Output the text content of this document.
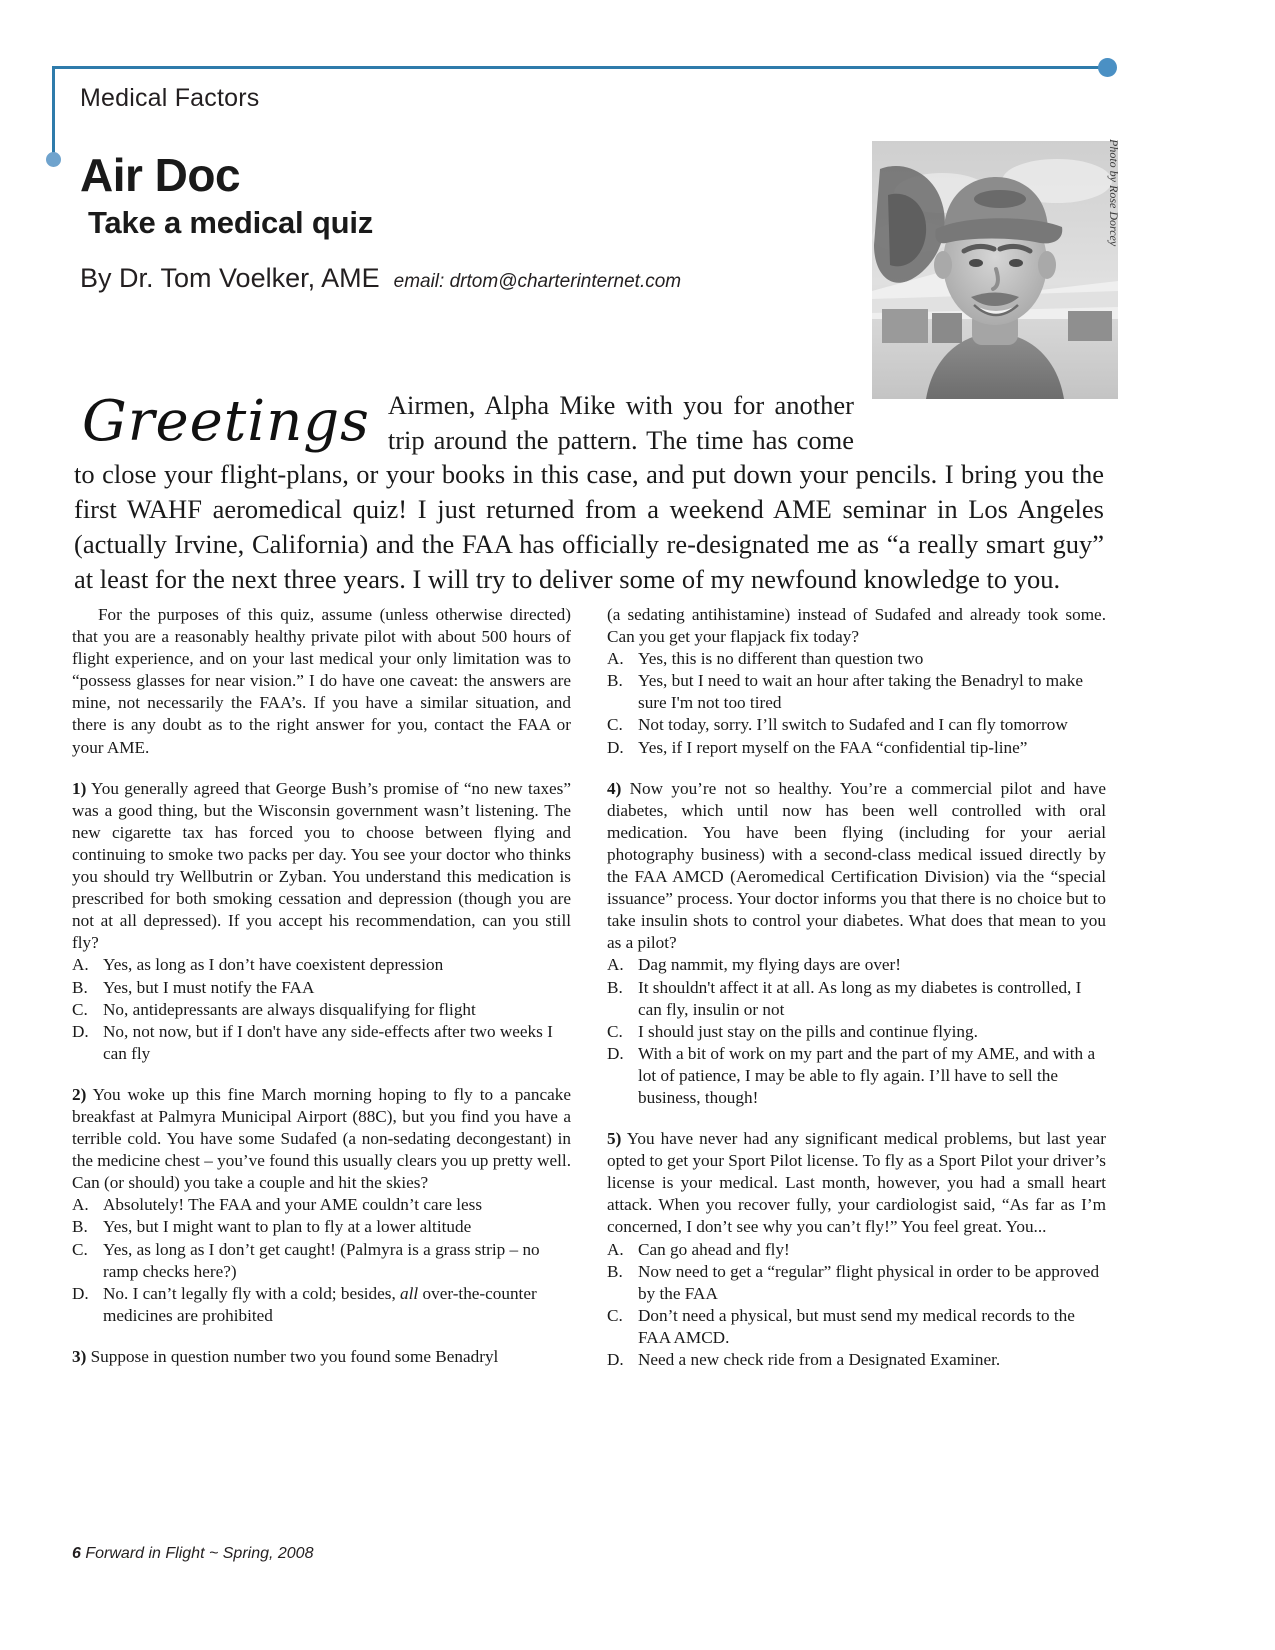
Medical Factors
Air Doc
Take a medical quiz
By Dr. Tom Voelker, AME email: drtom@charterinternet.com
Photo by Rose Dorcey
Greetings Airmen, Alpha Mike with you for another trip around the pattern. The time has come to close your flight-plans, or your books in this case, and put down your pencils. I bring you the first WAHF aeromedical quiz! I just returned from a weekend AME seminar in Los Angeles (actually Irvine, California) and the FAA has officially re-designated me as “a really smart guy” at least for the next three years. I will try to deliver some of my newfound knowledge to you.

For the purposes of this quiz, assume (unless otherwise directed) that you are a reasonably healthy private pilot with about 500 hours of flight experience, and on your last medical your only limitation was to “possess glasses for near vision.” I do have one caveat: the answers are mine, not necessarily the FAA’s. If you have a similar situation, and there is any doubt as to the right answer for you, contact the FAA or your AME.

1) You generally agreed that George Bush’s promise of “no new taxes” was a good thing, but the Wisconsin government wasn’t listening. The new cigarette tax has forced you to choose between flying and continuing to smoke two packs per day. You see your doctor who thinks you should try Wellbutrin or Zyban. You understand this medication is prescribed for both smoking cessation and depression (though you are not at all depressed). If you accept his recommendation, can you still fly?

A. Yes, as long as I don’t have coexistent depression
B. Yes, but I must notify the FAA
C. No, antidepressants are always disqualifying for flight
D. No, not now, but if I don't have any side-effects after two weeks I can fly

2) You woke up this fine March morning hoping to fly to a pancake breakfast at Palmyra Municipal Airport (88C), but you find you have a terrible cold. You have some Sudafed (a non-sedating decongestant) in the medicine chest – you’ve found this usually clears you up pretty well. Can (or should) you take a couple and hit the skies?

A. Absolutely! The FAA and your AME couldn’t care less
B. Yes, but I might want to plan to fly at a lower altitude
C. Yes, as long as I don’t get caught! (Palmyra is a grass strip – no ramp checks here?)
D. No. I can’t legally fly with a cold; besides, all over-the-counter medicines are prohibited

3) Suppose in question number two you found some Benadryl

(a sedating antihistamine) instead of Sudafed and already took some. Can you get your flapjack fix today?

A. Yes, this is no different than question two
B. Yes, but I need to wait an hour after taking the Benadryl to make sure I'm not too tired
C. Not today, sorry. I’ll switch to Sudafed and I can fly tomorrow
D. Yes, if I report myself on the FAA “confidential tip-line”

4) Now you’re not so healthy. You’re a commercial pilot and have diabetes, which until now has been well controlled with oral medication. You have been flying (including for your aerial photography business) with a second-class medical issued directly by the FAA AMCD (Aeromedical Certification Division) via the “special issuance” process. Your doctor informs you that there is no choice but to take insulin shots to control your diabetes. What does that mean to you as a pilot?

A. Dag nammit, my flying days are over!
B. It shouldn't affect it at all. As long as my diabetes is controlled, I can fly, insulin or not
C. I should just stay on the pills and continue flying.
D. With a bit of work on my part and the part of my AME, and with a lot of patience, I may be able to fly again. I’ll have to sell the business, though!

5) You have never had any significant medical problems, but last year opted to get your Sport Pilot license. To fly as a Sport Pilot your driver’s license is your medical. Last month, however, you had a small heart attack. When you recover fully, your cardiologist said, “As far as I’m concerned, I don’t see why you can’t fly!” You feel great. You...

A. Can go ahead and fly!
B. Now need to get a “regular” flight physical in order to be approved by the FAA
C. Don’t need a physical, but must send my medical records to the FAA AMCD.
D. Need a new check ride from a Designated Examiner.
6 Forward in Flight ~ Spring, 2008
